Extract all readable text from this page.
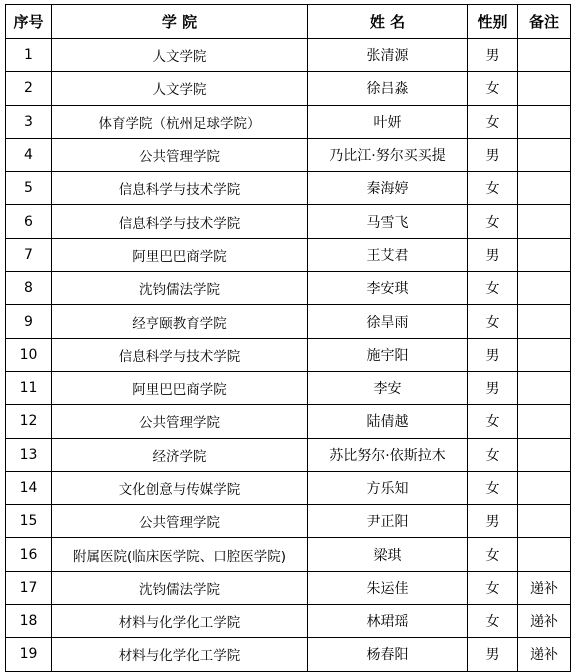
序号	学 院	姓 名	性别	备注
1	人文学院	张清源	男	
2	人文学院	徐吕淼	女	
3	体育学院（杭州足球学院）	叶妍	女	
4	公共管理学院	乃比江·努尔买买提	男	
5	信息科学与技术学院	秦海婷	女	
6	信息科学与技术学院	马雪飞	女	
7	阿里巴巴商学院	王艾君	男	
8	沈钧儒法学院	李安琪	女	
9	经亨颐教育学院	徐旱雨	女	
10	信息科学与技术学院	施宇阳	男	
11	阿里巴巴商学院	李安	男	
12	公共管理学院	陆倩越	女	
13	经济学院	苏比努尔·依斯拉木	女	
14	文化创意与传媒学院	方乐知	女	
15	公共管理学院	尹正阳	男	
16	附属医院(临床医学院、口腔医学院)	梁琪	女	
17	沈钧儒法学院	朱运佳	女	递补
18	材料与化学化工学院	林珺瑶	女	递补
19	材料与化学化工学院	杨春阳	男	递补
